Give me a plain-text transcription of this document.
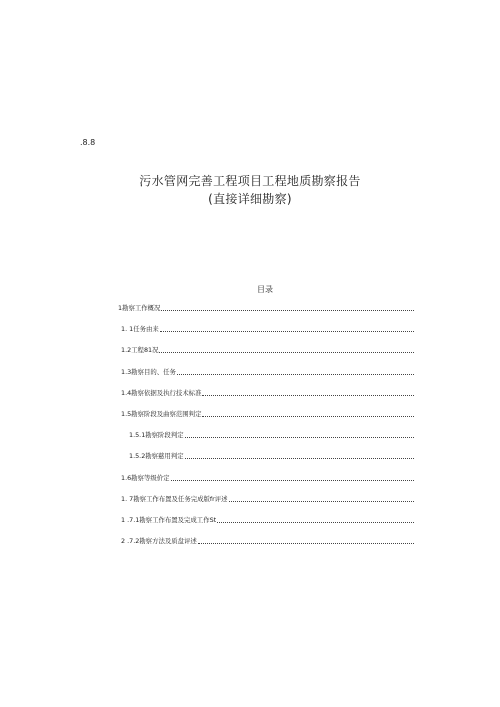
.8.8
污水管网完善工程项目工程地质勘察报告
(直接详细勘察)
目录
1勘察工作概况
1. 1任务由来
1.2工程81况
1.3勘察目的、任务
1.4勘察依据及执行技术标准
1.5勘察阶段及曲察范围判定
1.5.1勘察阶段判定
1.5.2勘察慈用判定
1.6勘察等级价定
1. 7勘察工作布置及任务完成版fr评述
1 .7.1勘察工作布置及完成工作St
2 .7.2勘察方法及质盘评述
